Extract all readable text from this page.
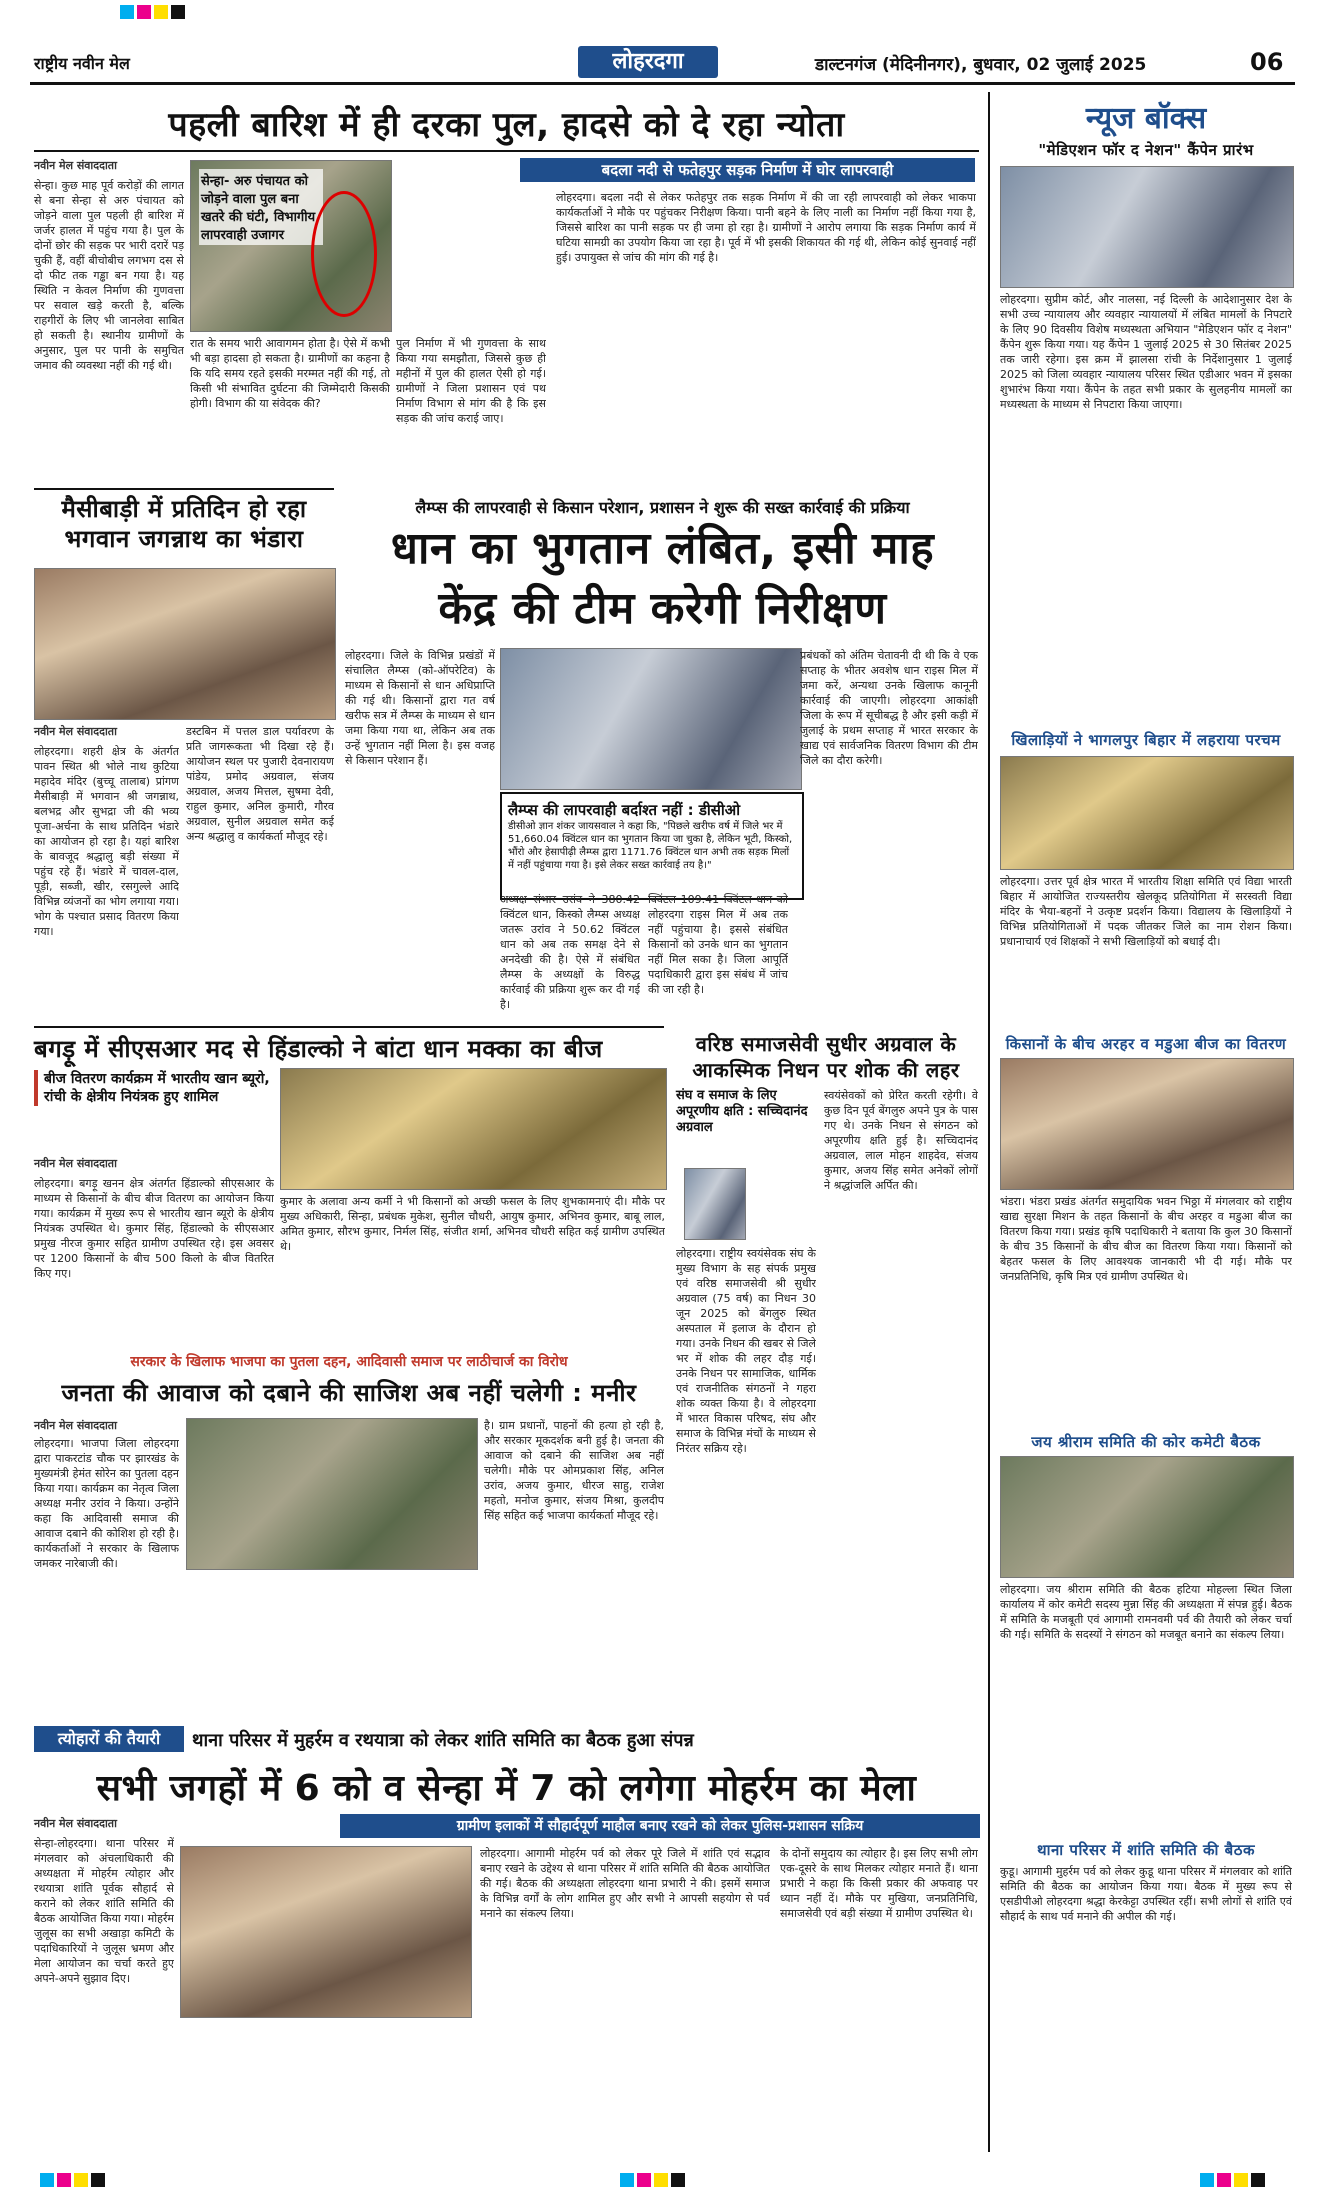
राष्ट्रीय नवीन मेल	लोहरदगा	डाल्टनगंज (मेदिनीनगर), बुधवार, 02 जुलाई 2025	06
पहली बारिश में ही दरका पुल, हादसे को दे रहा न्योता
नवीन मेल संवाददाता
सेन्हा। कुछ माह पूर्व करोड़ों की लागत से बना सेन्हा से अरु पंचायत को जोड़ने वाला पुल पहली ही बारिश में जर्जर हालत में पहुंच गया है। पुल के दोनों छोर की सड़क पर भारी दरारें पड़ चुकी हैं, वहीं बीचोबीच लगभग दस से दो फीट तक गड्ढा बन गया है। यह स्थिति न केवल निर्माण की गुणवत्ता पर सवाल खड़े करती है, बल्कि राहगीरों के लिए भी जानलेवा साबित हो सकती है। स्थानीय ग्रामीणों के अनुसार, पुल पर पानी के समुचित जमाव की व्यवस्था नहीं की गई थी।
सेन्हा- अरु पंचायत को जोड़ने वाला पुल बना खतरे की घंटी, विभागीय लापरवाही उजागर
रात के समय भारी आवागमन होता है। ऐसे में कभी भी बड़ा हादसा हो सकता है। ग्रामीणों का कहना है कि यदि समय रहते इसकी मरम्मत नहीं की गई, तो किसी भी संभावित दुर्घटना की जिम्मेदारी किसकी होगी। विभाग की या संवेदक की?
पुल निर्माण में भी गुणवत्ता के साथ किया गया समझौता, जिससे कुछ ही महीनों में पुल की हालत ऐसी हो गई। ग्रामीणों ने जिला प्रशासन एवं पथ निर्माण विभाग से मांग की है कि इस सड़क की जांच कराई जाए।
बदला नदी से फतेहपुर सड़क निर्माण में घोर लापरवाही
लोहरदगा। बदला नदी से लेकर फतेहपुर तक सड़क निर्माण में की जा रही लापरवाही को लेकर भाकपा कार्यकर्ताओं ने मौके पर पहुंचकर निरीक्षण किया। पानी बहने के लिए नाली का निर्माण नहीं किया गया है, जिससे बारिश का पानी सड़क पर ही जमा हो रहा है। ग्रामीणों ने आरोप लगाया कि सड़क निर्माण कार्य में घटिया सामग्री का उपयोग किया जा रहा है। पूर्व में भी इसकी शिकायत की गई थी, लेकिन कोई सुनवाई नहीं हुई। उपायुक्त से जांच की मांग की गई है।
मैसीबाड़ी में प्रतिदिन हो रहा भगवान जगन्नाथ का भंडारा
नवीन मेल संवाददाता
लोहरदगा। शहरी क्षेत्र के अंतर्गत पावन स्थित श्री भोले नाथ कुटिया महादेव मंदिर (बुच्चू तालाब) प्रांगण मैसीबाड़ी में भगवान श्री जगन्नाथ, बलभद्र और सुभद्रा जी की भव्य पूजा-अर्चना के साथ प्रतिदिन भंडारे का आयोजन हो रहा है। यहां बारिश के बावजूद श्रद्धालु बड़ी संख्या में पहुंच रहे हैं। भंडारे में चावल-दाल, पूड़ी, सब्जी, खीर, रसगुल्ले आदि विभिन्न व्यंजनों का भोग लगाया गया। भोग के पश्चात प्रसाद वितरण किया गया।
डस्टबिन में पत्तल डाल पर्यावरण के प्रति जागरूकता भी दिखा रहे हैं। आयोजन स्थल पर पुजारी देवनारायण पांडेय, प्रमोद अग्रवाल, संजय अग्रवाल, अजय मित्तल, सुषमा देवी, राहुल कुमार, अनिल कुमारी, गौरव अग्रवाल, सुनील अग्रवाल समेत कई अन्य श्रद्धालु व कार्यकर्ता मौजूद रहे।
लैम्प्स की लापरवाही से किसान परेशान, प्रशासन ने शुरू की सख्त कार्रवाई की प्रक्रिया
धान का भुगतान लंबित, इसी माह
केंद्र की टीम करेगी निरीक्षण
लैम्प्स की लापरवाही बर्दाश्त नहीं : डीसीओ
डीसीओ ज्ञान शंकर जायसवाल ने कहा कि, "पिछले खरीफ वर्ष में जिले भर में 51,660.04 क्विंटल धान का भुगतान किया जा चुका है, लेकिन भूटी, किस्को, भौंरो और हेसापीढ़ी लैम्प्स द्वारा 1171.76 क्विंटल धान अभी तक सड़क मिलों में नहीं पहुंचाया गया है। इसे लेकर सख्त कार्रवाई तय है।"
लोहरदगा। जिले के विभिन्न प्रखंडों में संचालित लैम्प्स (को-ऑपरेटिव) के माध्यम से किसानों से धान अधिप्राप्ति की गई थी। किसानों द्वारा गत वर्ष खरीफ सत्र में लैम्प्स के माध्यम से धान जमा किया गया था, लेकिन अब तक उन्हें भुगतान नहीं मिला है। इस वजह से किसान परेशान हैं।
अध्यक्ष संभार उरांव ने 380.42 क्विंटल धान, किस्को लैम्प्स अध्यक्ष जतरू उरांव ने 50.62 क्विंटल धान को अब तक समक्ष देने से अनदेखी की है। ऐसे में संबंधित लैम्प्स के अध्यक्षों के विरुद्ध कार्रवाई की प्रक्रिया शुरू कर दी गई है।
क्विंटल 109.41 क्विंटल धान को लोहरदगा राइस मिल में अब तक नहीं पहुंचाया है। इससे संबंधित किसानों को उनके धान का भुगतान नहीं मिल सका है। जिला आपूर्ति पदाधिकारी द्वारा इस संबंध में जांच की जा रही है।
प्रबंधकों को अंतिम चेतावनी दी थी कि वे एक सप्ताह के भीतर अवशेष धान राइस मिल में जमा करें, अन्यथा उनके खिलाफ कानूनी कार्रवाई की जाएगी। लोहरदगा आकांक्षी जिला के रूप में सूचीबद्ध है और इसी कड़ी में जुलाई के प्रथम सप्ताह में भारत सरकार के खाद्य एवं सार्वजनिक वितरण विभाग की टीम जिले का दौरा करेगी।
बगड़ू में सीएसआर मद से हिंडाल्को ने बांटा धान मक्का का बीज
बीज वितरण कार्यक्रम में भारतीय खान ब्यूरो, रांची के क्षेत्रीय नियंत्रक हुए शामिल
नवीन मेल संवाददाता
लोहरदगा। बगड़ू खनन क्षेत्र अंतर्गत हिंडाल्को सीएसआर के माध्यम से किसानों के बीच बीज वितरण का आयोजन किया गया। कार्यक्रम में मुख्य रूप से भारतीय खान ब्यूरो के क्षेत्रीय नियंत्रक उपस्थित थे। कुमार सिंह, हिंडाल्को के सीएसआर प्रमुख नीरज कुमार सहित ग्रामीण उपस्थित रहे। इस अवसर पर 1200 किसानों के बीच 500 किलो के बीज वितरित किए गए।
कुमार के अलावा अन्य कर्मी ने भी किसानों को अच्छी फसल के लिए शुभकामनाएं दी। मौके पर मुख्य अधिकारी, सिन्हा, प्रबंधक मुकेश, सुनील चौधरी, आयुष कुमार, अभिनव कुमार, बाबू लाल, अमित कुमार, सौरभ कुमार, निर्मल सिंह, संजीत शर्मा, अभिनव चौधरी सहित कई ग्रामीण उपस्थित थे।
वरिष्ठ समाजसेवी सुधीर अग्रवाल के
आकस्मिक निधन पर शोक की लहर
संघ व समाज के लिए अपूरणीय क्षति : सच्चिदानंद अग्रवाल
लोहरदगा। राष्ट्रीय स्वयंसेवक संघ के मुख्य विभाग के सह संपर्क प्रमुख एवं वरिष्ठ समाजसेवी श्री सुधीर अग्रवाल (75 वर्ष) का निधन 30 जून 2025 को बेंगलुरु स्थित अस्पताल में इलाज के दौरान हो गया। उनके निधन की खबर से जिले भर में शोक की लहर दौड़ गई। उनके निधन पर सामाजिक, धार्मिक एवं राजनीतिक संगठनों ने गहरा शोक व्यक्त किया है। वे लोहरदगा में भारत विकास परिषद, संघ और समाज के विभिन्न मंचों के माध्यम से निरंतर सक्रिय रहे।
स्वयंसेवकों को प्रेरित करती रहेगी। वे कुछ दिन पूर्व बेंगलुरु अपने पुत्र के पास गए थे। उनके निधन से संगठन को अपूरणीय क्षति हुई है। सच्चिदानंद अग्रवाल, लाल मोहन शाहदेव, संजय कुमार, अजय सिंह समेत अनेकों लोगों ने श्रद्धांजलि अर्पित की।
सरकार के खिलाफ भाजपा का पुतला दहन, आदिवासी समाज पर लाठीचार्ज का विरोध
जनता की आवाज को दबाने की साजिश अब नहीं चलेगी : मनीर
नवीन मेल संवाददाता
लोहरदगा। भाजपा जिला लोहरदगा द्वारा पाकरटांड चौक पर झारखंड के मुख्यमंत्री हेमंत सोरेन का पुतला दहन किया गया। कार्यक्रम का नेतृत्व जिला अध्यक्ष मनीर उरांव ने किया। उन्होंने कहा कि आदिवासी समाज की आवाज दबाने की कोशिश हो रही है। कार्यकर्ताओं ने सरकार के खिलाफ जमकर नारेबाजी की।
है। ग्राम प्रधानों, पाहनों की हत्या हो रही है, और सरकार मूकदर्शक बनी हुई है। जनता की आवाज को दबाने की साजिश अब नहीं चलेगी। मौके पर ओमप्रकाश सिंह, अनिल उरांव, अजय कुमार, धीरज साहु, राजेश महतो, मनोज कुमार, संजय मिश्रा, कुलदीप सिंह सहित कई भाजपा कार्यकर्ता मौजूद रहे।
त्योहारों की तैयारी	थाना परिसर में मुहर्रम व रथयात्रा को लेकर शांति समिति का बैठक हुआ संपन्न
सभी जगहों में 6 को व सेन्हा में 7 को लगेगा मोहर्रम का मेला
ग्रामीण इलाकों में सौहार्दपूर्ण माहौल बनाए रखने को लेकर पुलिस-प्रशासन सक्रिय
नवीन मेल संवाददाता
सेन्हा-लोहरदगा। थाना परिसर में मंगलवार को अंचलाधिकारी की अध्यक्षता में मोहर्रम त्योहार और रथयात्रा शांति पूर्वक सौहार्द से कराने को लेकर शांति समिति की बैठक आयोजित किया गया। मोहर्रम जुलूस का सभी अखाड़ा कमिटी के पदाधिकारियों ने जुलूस भ्रमण और मेला आयोजन का चर्चा करते हुए अपने-अपने सुझाव दिए।
लोहरदगा। आगामी मोहर्रम पर्व को लेकर पूरे जिले में शांति एवं सद्भाव बनाए रखने के उद्देश्य से थाना परिसर में शांति समिति की बैठक आयोजित की गई। बैठक की अध्यक्षता लोहरदगा थाना प्रभारी ने की। इसमें समाज के विभिन्न वर्गों के लोग शामिल हुए और सभी ने आपसी सहयोग से पर्व मनाने का संकल्प लिया।
के दोनों समुदाय का त्योहार है। इस लिए सभी लोग एक-दूसरे के साथ मिलकर त्योहार मनाते हैं। थाना प्रभारी ने कहा कि किसी प्रकार की अफवाह पर ध्यान नहीं दें। मौके पर मुखिया, जनप्रतिनिधि, समाजसेवी एवं बड़ी संख्या में ग्रामीण उपस्थित थे।
न्यूज बॉक्स
"मेडिएशन फॉर द नेशन" कैंपेन प्रारंभ
लोहरदगा। सुप्रीम कोर्ट, और नालसा, नई दिल्ली के आदेशानुसार देश के सभी उच्च न्यायालय और व्यवहार न्यायालयों में लंबित मामलों के निपटारे के लिए 90 दिवसीय विशेष मध्यस्थता अभियान "मेडिएशन फॉर द नेशन" कैंपेन शुरू किया गया। यह कैंपेन 1 जुलाई 2025 से 30 सितंबर 2025 तक जारी रहेगा। इस क्रम में झालसा रांची के निर्देशानुसार 1 जुलाई 2025 को जिला व्यवहार न्यायालय परिसर स्थित एडीआर भवन में इसका शुभारंभ किया गया। कैंपेन के तहत सभी प्रकार के सुलहनीय मामलों का मध्यस्थता के माध्यम से निपटारा किया जाएगा।
खिलाड़ियों ने भागलपुर बिहार में लहराया परचम
लोहरदगा। उत्तर पूर्व क्षेत्र भारत में भारतीय शिक्षा समिति एवं विद्या भारती बिहार में आयोजित राज्यस्तरीय खेलकूद प्रतियोगिता में सरस्वती विद्या मंदिर के भैया-बहनों ने उत्कृष्ट प्रदर्शन किया। विद्यालय के खिलाड़ियों ने विभिन्न प्रतियोगिताओं में पदक जीतकर जिले का नाम रोशन किया। प्रधानाचार्य एवं शिक्षकों ने सभी खिलाड़ियों को बधाई दी।
किसानों के बीच अरहर व मडुआ बीज का वितरण
भंडरा। भंडरा प्रखंड अंतर्गत समुदायिक भवन भिठ्ठा में मंगलवार को राष्ट्रीय खाद्य सुरक्षा मिशन के तहत किसानों के बीच अरहर व मडुआ बीज का वितरण किया गया। प्रखंड कृषि पदाधिकारी ने बताया कि कुल 30 किसानों के बीच 35 किसानों के बीच बीज का वितरण किया गया। किसानों को बेहतर फसल के लिए आवश्यक जानकारी भी दी गई। मौके पर जनप्रतिनिधि, कृषि मित्र एवं ग्रामीण उपस्थित थे।
जय श्रीराम समिति की कोर कमेटी बैठक
लोहरदगा। जय श्रीराम समिति की बैठक हटिया मोहल्ला स्थित जिला कार्यालय में कोर कमेटी सदस्य मुन्ना सिंह की अध्यक्षता में संपन्न हुई। बैठक में समिति के मजबूती एवं आगामी रामनवमी पर्व की तैयारी को लेकर चर्चा की गई। समिति के सदस्यों ने संगठन को मजबूत बनाने का संकल्प लिया।
थाना परिसर में शांति समिति की बैठक
कुडू। आगामी मुहर्रम पर्व को लेकर कुडू थाना परिसर में मंगलवार को शांति समिति की बैठक का आयोजन किया गया। बैठक में मुख्य रूप से एसडीपीओ लोहरदगा श्रद्धा केरकेट्टा उपस्थित रहीं। सभी लोगों से शांति एवं सौहार्द के साथ पर्व मनाने की अपील की गई।
